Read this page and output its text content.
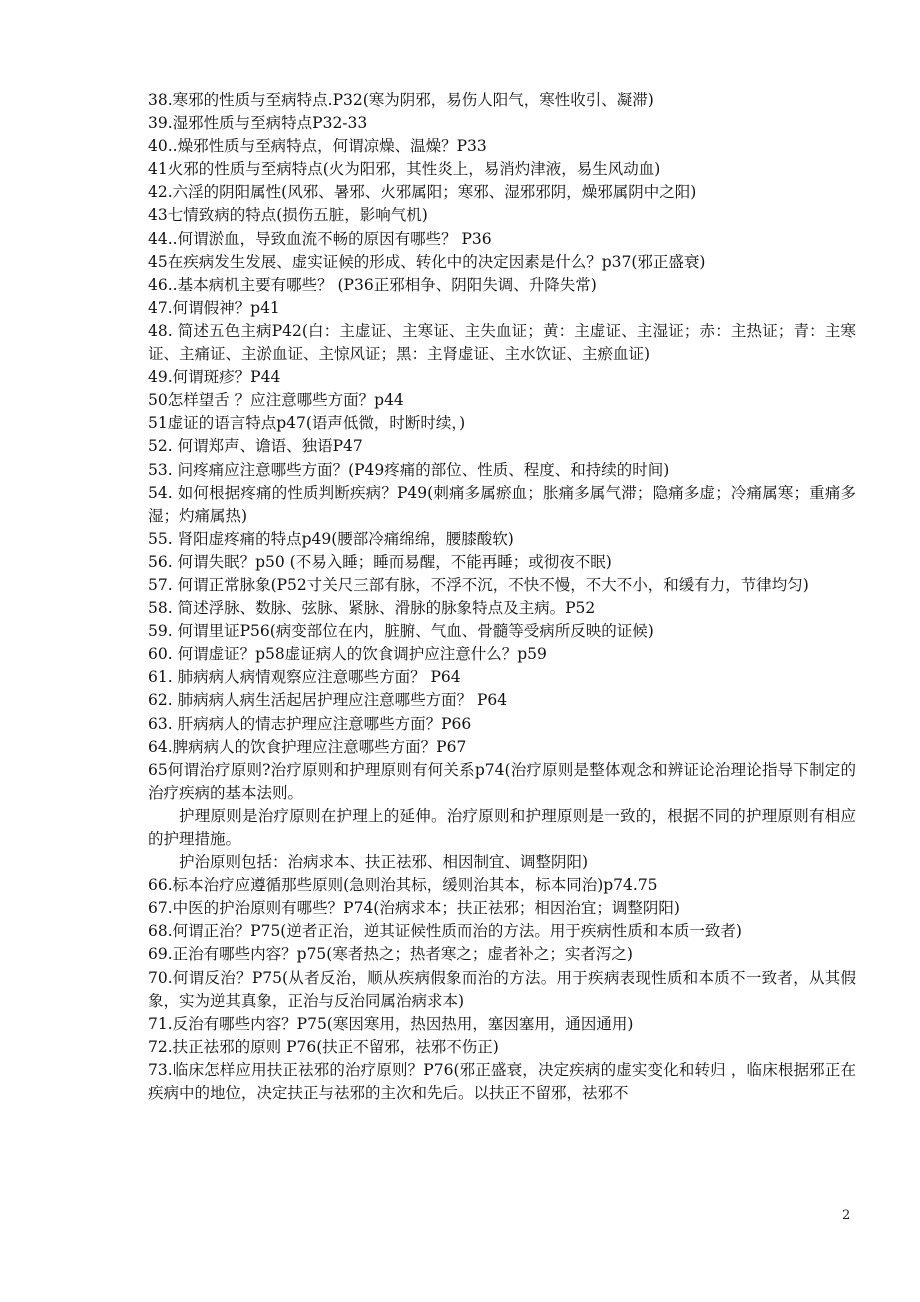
38.寒邪的性质与至病特点.P32(寒为阴邪，易伤人阳气，寒性收引、凝滞)

39.湿邪性质与至病特点P32-33

40..燥邪性质与至病特点，何谓凉燥、温燥？P33

41火邪的性质与至病特点(火为阳邪，其性炎上，易消灼津液，易生风动血)

42.六淫的阴阳属性(风邪、暑邪、火邪属阳；寒邪、湿邪邪阴，燥邪属阴中之阳)

43七情致病的特点(损伤五脏，影响气机)

44..何谓淤血，导致血流不畅的原因有哪些？ P36

45在疾病发生发展、虚实证候的形成、转化中的决定因素是什么？p37(邪正盛衰)

46..基本病机主要有哪些？ (P36正邪相争、阴阳失调、升降失常)

47.何谓假神？p41

48. 简述五色主病P42(白：主虚证、主寒证、主失血证；黄：主虚证、主湿证；赤：主热证；青：主寒证、主痛证、主淤血证、主惊风证；黑：主肾虚证、主水饮证、主瘀血证)

49.何谓斑疹？P44

50怎样望舌 ？应注意哪些方面？p44

51虚证的语言特点p47(语声低微，时断时续，)

52. 何谓郑声、谵语、独语P47

53. 问疼痛应注意哪些方面？(P49疼痛的部位、性质、程度、和持续的时间)

54. 如何根据疼痛的性质判断疾病？P49(刺痛多属瘀血；胀痛多属气滞；隐痛多虚；冷痛属寒；重痛多湿；灼痛属热)

55. 肾阳虚疼痛的特点p49(腰部冷痛绵绵，腰膝酸软)

56. 何谓失眠？p50 (不易入睡；睡而易醒，不能再睡；或彻夜不眠)

57. 何谓正常脉象(P52寸关尺三部有脉，不浮不沉，不快不慢，不大不小，和缓有力，节律均匀)

58. 简述浮脉、数脉、弦脉、紧脉、滑脉的脉象特点及主病。P52

59. 何谓里证P56(病变部位在内，脏腑、气血、骨髓等受病所反映的证候)

60. 何谓虚证？p58虚证病人的饮食调护应注意什么？p59

61. 肺病病人病情观察应注意哪些方面？ P64

62. 肺病病人病生活起居护理应注意哪些方面？ P64

63. 肝病病人的情志护理应注意哪些方面？P66

64.脾病病人的饮食护理应注意哪些方面？P67

65何谓治疗原则?治疗原则和护理原则有何关系p74(治疗原则是整体观念和辨证论治理论指导下制定的治疗疾病的基本法则。

护理原则是治疗原则在护理上的延伸。治疗原则和护理原则是一致的，根据不同的护理原则有相应的护理措施。

护治原则包括：治病求本、扶正祛邪、相因制宜、调整阴阳)

66.标本治疗应遵循那些原则(急则治其标，缓则治其本，标本同治)p74.75

67.中医的护治原则有哪些？P74(治病求本；扶正祛邪；相因治宜；调整阴阳)

68.何谓正治？P75(逆者正治，逆其证候性质而治的方法。用于疾病性质和本质一致者)

69.正治有哪些内容？p75(寒者热之；热者寒之；虚者补之；实者泻之)

70.何谓反治？P75(从者反治，顺从疾病假象而治的方法。用于疾病表现性质和本质不一致者，从其假象，实为逆其真象，正治与反治同属治病求本)

71.反治有哪些内容？P75(寒因寒用，热因热用，塞因塞用，通因通用)

72.扶正祛邪的原则 P76(扶正不留邪，祛邪不伤正)

73.临床怎样应用扶正祛邪的治疗原则？P76(邪正盛衰，决定疾病的虚实变化和转归 ，临床根据邪正在疾病中的地位，决定扶正与祛邪的主次和先后。以扶正不留邪，祛邪不

2
